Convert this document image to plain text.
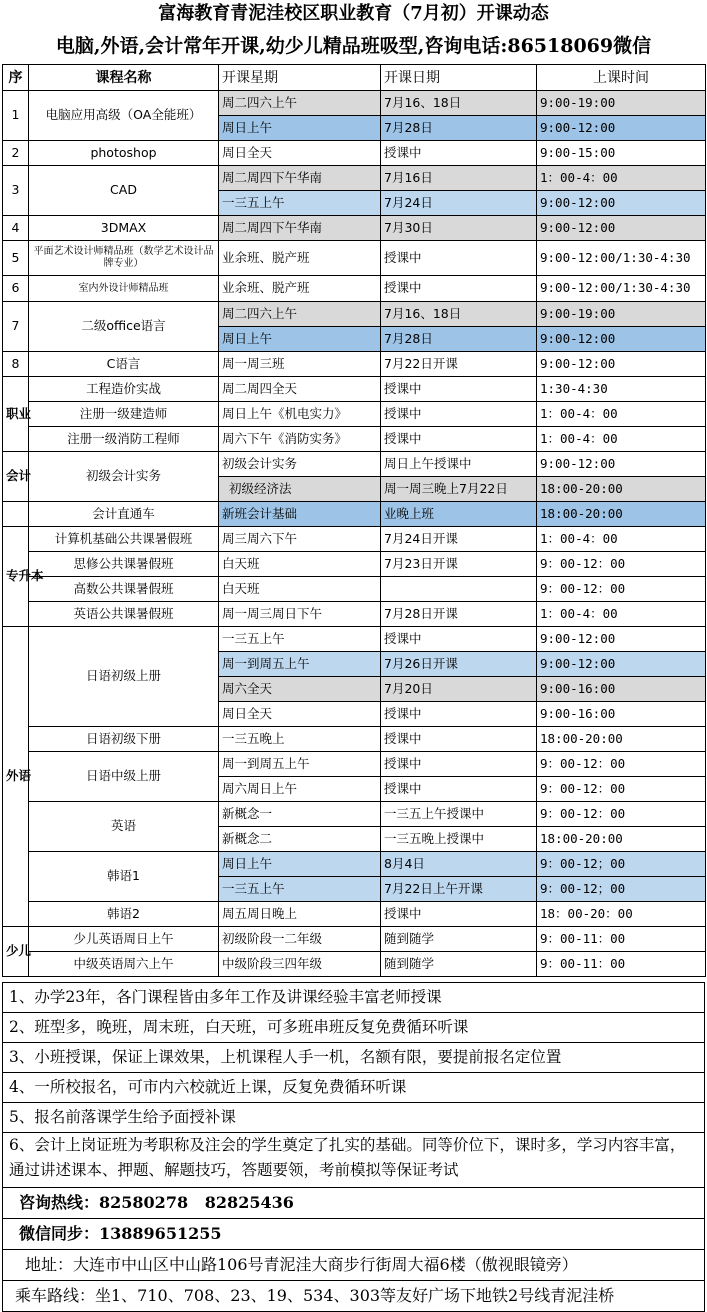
富海教育青泥洼校区职业教育（7月初）开课动态
电脑,外语,会计常年开课,幼少儿精品班吸型,咨询电话:86518069微信
序	课程名称	开课星期	开课日期	上课时间
1	电脑应用高级（OA全能班）	周二四六上午	7月16、18日	9:00-19:00
		周日上午	7月28日	9:00-12:00
2	photoshop	周日全天	授课中	9:00-15:00
3	CAD	周二周四下午华南	7月16日	1：00-4：00
		一三五上午	7月24日	9:00-12:00
4	3DMAX	周二周四下午华南	7月30日	9:00-12:00
5	平面艺术设计师精品班（数学艺术设计品牌专业）	业余班、脱产班	授课中	9:00-12:00/1:30-4:30
6	室内外设计师精品班	业余班、脱产班	授课中	9:00-12:00/1:30-4:30
7	二级office语言	周二四六上午	7月16、18日	9:00-19:00
		周日上午	7月28日	9:00-12:00
8	C语言	周一周三班	7月22日开课	9:00-12:00
职业	工程造价实战	周二周四全天	授课中	1:30-4:30
	注册一级建造师	周日上午《机电实力》	授课中	1：00-4：00
	注册一级消防工程师	周六下午《消防实务》	授课中	1：00-4：00
会计	初级会计实务	初级会计实务	周日上午授课中	9:00-12:00
		初级经济法	周一周三晚上7月22日	18:00-20:00
	会计直通车	新班会计基础	业晚上班	18:00-20:00
专升本	计算机基础公共课暑假班	周三周六下午	7月24日开课	1：00-4：00
	思修公共课暑假班	白天班	7月23日开课	9：00-12：00
	高数公共课暑假班	白天班		9：00-12：00
	英语公共课暑假班	周一周三周日下午	7月28日开课	1：00-4：00
外语	日语初级上册	一三五上午	授课中	9:00-12:00
		周一到周五上午	7月26日开课	9:00-12:00
		周六全天	7月20日	9:00-16:00
		周日全天	授课中	9:00-16:00
	日语初级下册	一三五晚上	授课中	18:00-20:00
	日语中级上册	周一到周五上午	授课中	9：00-12：00
		周六周日上午	授课中	9：00-12：00
	英语	新概念一	一三五上午授课中	9：00-12：00
		新概念二	一三五晚上授课中	18:00-20:00
	韩语1	周日上午	8月4日	9：00-12；00
		一三五上午	7月22日上午开课	9：00-12；00
	韩语2	周五周日晚上	授课中	18：00-20：00
少儿	少儿英语周日上午	初级阶段一二年级	随到随学	9：00-11：00
	中级英语周六上午	中级阶段三四年级	随到随学	9：00-11：00
1、办学23年，各门课程皆由多年工作及讲课经验丰富老师授课
2、班型多，晚班，周末班，白天班，可多班串班反复免费循环听课
3、小班授课，保证上课效果，上机课程人手一机，名额有限，要提前报名定位置
4、一所校报名，可市内六校就近上课，反复免费循环听课
5、报名前落课学生给予面授补课
6、会计上岗证班为考职称及注会的学生奠定了扎实的基础。同等价位下，课时多，学习内容丰富，通过讲述课本、押题、解题技巧，答题要领，考前模拟等保证考试
咨询热线：82580278   82825436
微信同步：13889651255
地址：大连市中山区中山路106号青泥洼大商步行街周大福6楼（傲视眼镜旁）
乘车路线：坐1、710、708、23、19、534、303等友好广场下地铁2号线青泥洼桥
